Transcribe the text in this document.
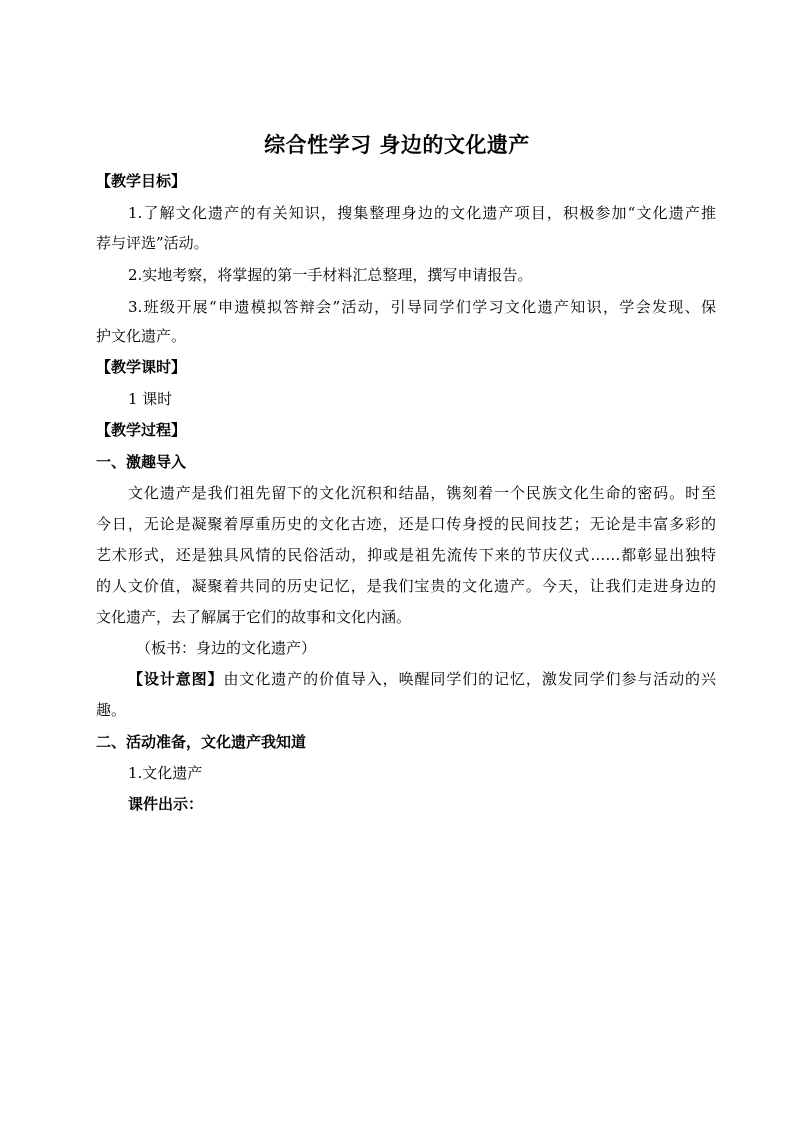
综合性学习 身边的文化遗产
【教学目标】
1.了解文化遗产的有关知识，搜集整理身边的文化遗产项目，积极参加“文化遗产推
荐与评选”活动。
2.实地考察，将掌握的第一手材料汇总整理，撰写申请报告。
3.班级开展“申遗模拟答辩会”活动，引导同学们学习文化遗产知识，学会发现、保
护文化遗产。
【教学课时】
1 课时
【教学过程】
一、激趣导入
文化遗产是我们祖先留下的文化沉积和结晶，镌刻着一个民族文化生命的密码。时至
今日，无论是凝聚着厚重历史的文化古迹，还是口传身授的民间技艺；无论是丰富多彩的
艺术形式，还是独具风情的民俗活动，抑或是祖先流传下来的节庆仪式……都彰显出独特
的人文价值，凝聚着共同的历史记忆，是我们宝贵的文化遗产。今天，让我们走进身边的
文化遗产，去了解属于它们的故事和文化内涵。
（板书：身边的文化遗产）
【设计意图】由文化遗产的价值导入，唤醒同学们的记忆，激发同学们参与活动的兴
趣。
二、活动准备，文化遗产我知道
1.文化遗产
课件出示：
